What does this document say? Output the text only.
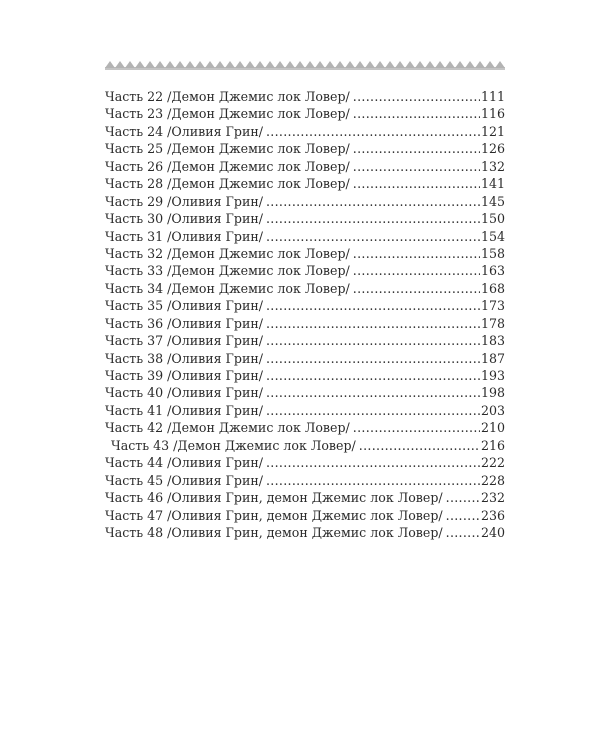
Часть 22 /Демон Джемис лок Ловер/ . . .	111
Часть 23 /Демон Джемис лок Ловер/ . . .	116
Часть 24 /Оливия Грин/ . . .	121
Часть 25 /Демон Джемис лок Ловер/ . . .	126
Часть 26 /Демон Джемис лок Ловер/ . . .	132
Часть 28 /Демон Джемис лок Ловер/ . . .	141
Часть 29 /Оливия Грин/ . . .	145
Часть 30 /Оливия Грин/ . . .	150
Часть 31 /Оливия Грин/ . . .	154
Часть 32 /Демон Джемис лок Ловер/ . . .	158
Часть 33 /Демон Джемис лок Ловер/ . . .	163
Часть 34 /Демон Джемис лок Ловер/ . . .	168
Часть 35 /Оливия Грин/ . . .	173
Часть 36 /Оливия Грин/ . . .	178
Часть 37 /Оливия Грин/ . . .	183
Часть 38 /Оливия Грин/ . . .	187
Часть 39 /Оливия Грин/ . . .	193
Часть 40 /Оливия Грин/ . . .	198
Часть 41 /Оливия Грин/ . . .	203
Часть 42 /Демон Джемис лок Ловер/ . . .	210
Часть 43 /Демон Джемис лок Ловер/ . . .	216
Часть 44 /Оливия Грин/ . . .	222
Часть 45 /Оливия Грин/ . . .	228
Часть 46 /Оливия Грин, демон Джемис лок Ловер/ . . .	232
Часть 47 /Оливия Грин, демон Джемис лок Ловер/ . . .	236
Часть 48 /Оливия Грин, демон Джемис лок Ловер/ . . .	240
